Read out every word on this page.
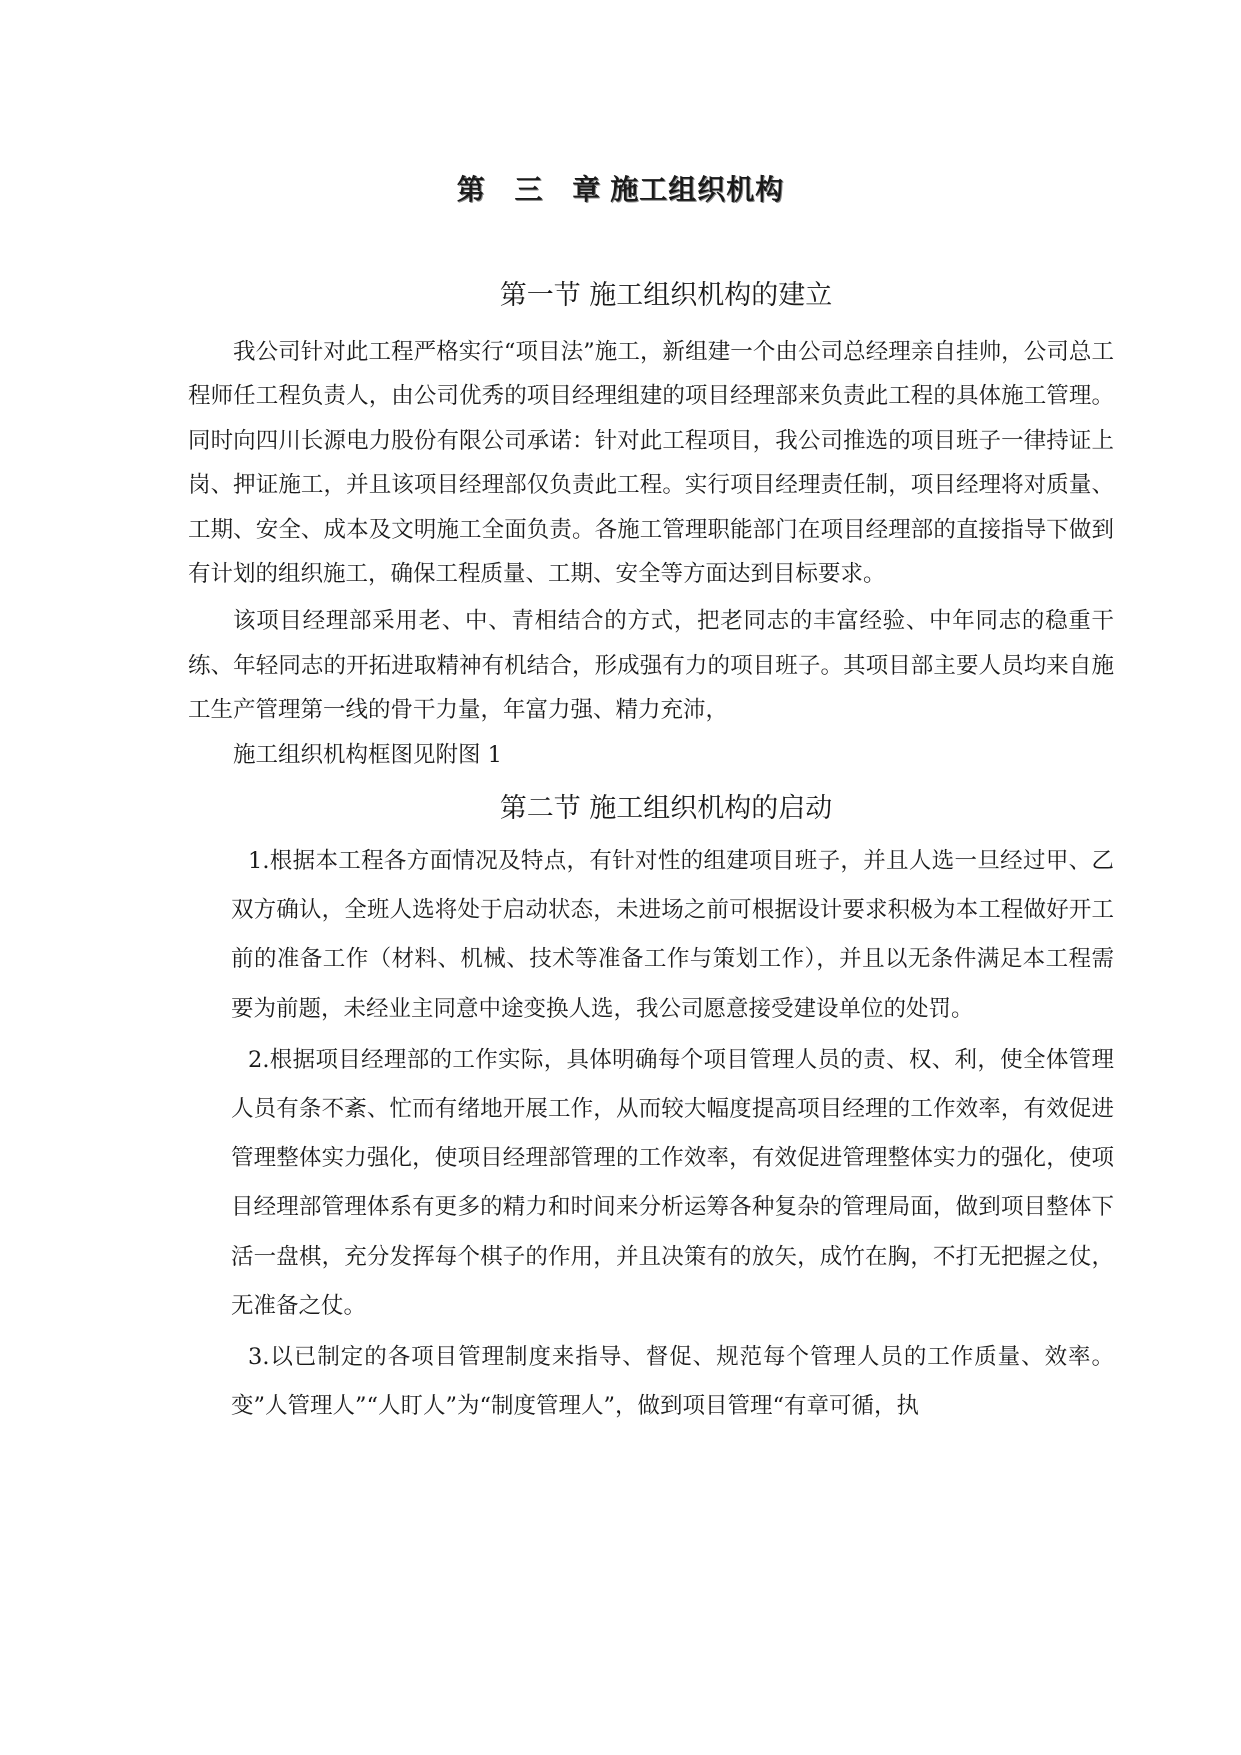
第 三 章施工组织机构
第一节 施工组织机构的建立

我公司针对此工程严格实行“项目法”施工，新组建一个由公司总经理亲自挂帅，公司总工程师任工程负责人，由公司优秀的项目经理组建的项目经理部来负责此工程的具体施工管理。同时向四川长源电力股份有限公司承诺：针对此工程项目，我公司推选的项目班子一律持证上岗、押证施工，并且该项目经理部仅负责此工程。实行项目经理责任制，项目经理将对质量、工期、安全、成本及文明施工全面负责。各施工管理职能部门在项目经理部的直接指导下做到有计划的组织施工，确保工程质量、工期、安全等方面达到目标要求。

该项目经理部采用老、中、青相结合的方式，把老同志的丰富经验、中年同志的稳重干练、年轻同志的开拓进取精神有机结合，形成强有力的项目班子。其项目部主要人员均来自施工生产管理第一线的骨干力量，年富力强、精力充沛，

施工组织机构框图见附图 1

第二节 施工组织机构的启动

1.根据本工程各方面情况及特点，有针对性的组建项目班子，并且人选一旦经过甲、乙双方确认，全班人选将处于启动状态，未进场之前可根据设计要求积极为本工程做好开工前的准备工作（材料、机械、技术等准备工作与策划工作），并且以无条件满足本工程需要为前题，未经业主同意中途变换人选，我公司愿意接受建设单位的处罚。

2.根据项目经理部的工作实际，具体明确每个项目管理人员的责、权、利，使全体管理人员有条不紊、忙而有绪地开展工作，从而较大幅度提高项目经理的工作效率，有效促进管理整体实力强化，使项目经理部管理的工作效率，有效促进管理整体实力的强化，使项目经理部管理体系有更多的精力和时间来分析运筹各种复杂的管理局面，做到项目整体下活一盘棋，充分发挥每个棋子的作用，并且决策有的放矢，成竹在胸，不打无把握之仗，无准备之仗。

3.以已制定的各项目管理制度来指导、督促、规范每个管理人员的工作质量、效率。变”人管理人”“人盯人”为“制度管理人”，做到项目管理“有章可循，执
